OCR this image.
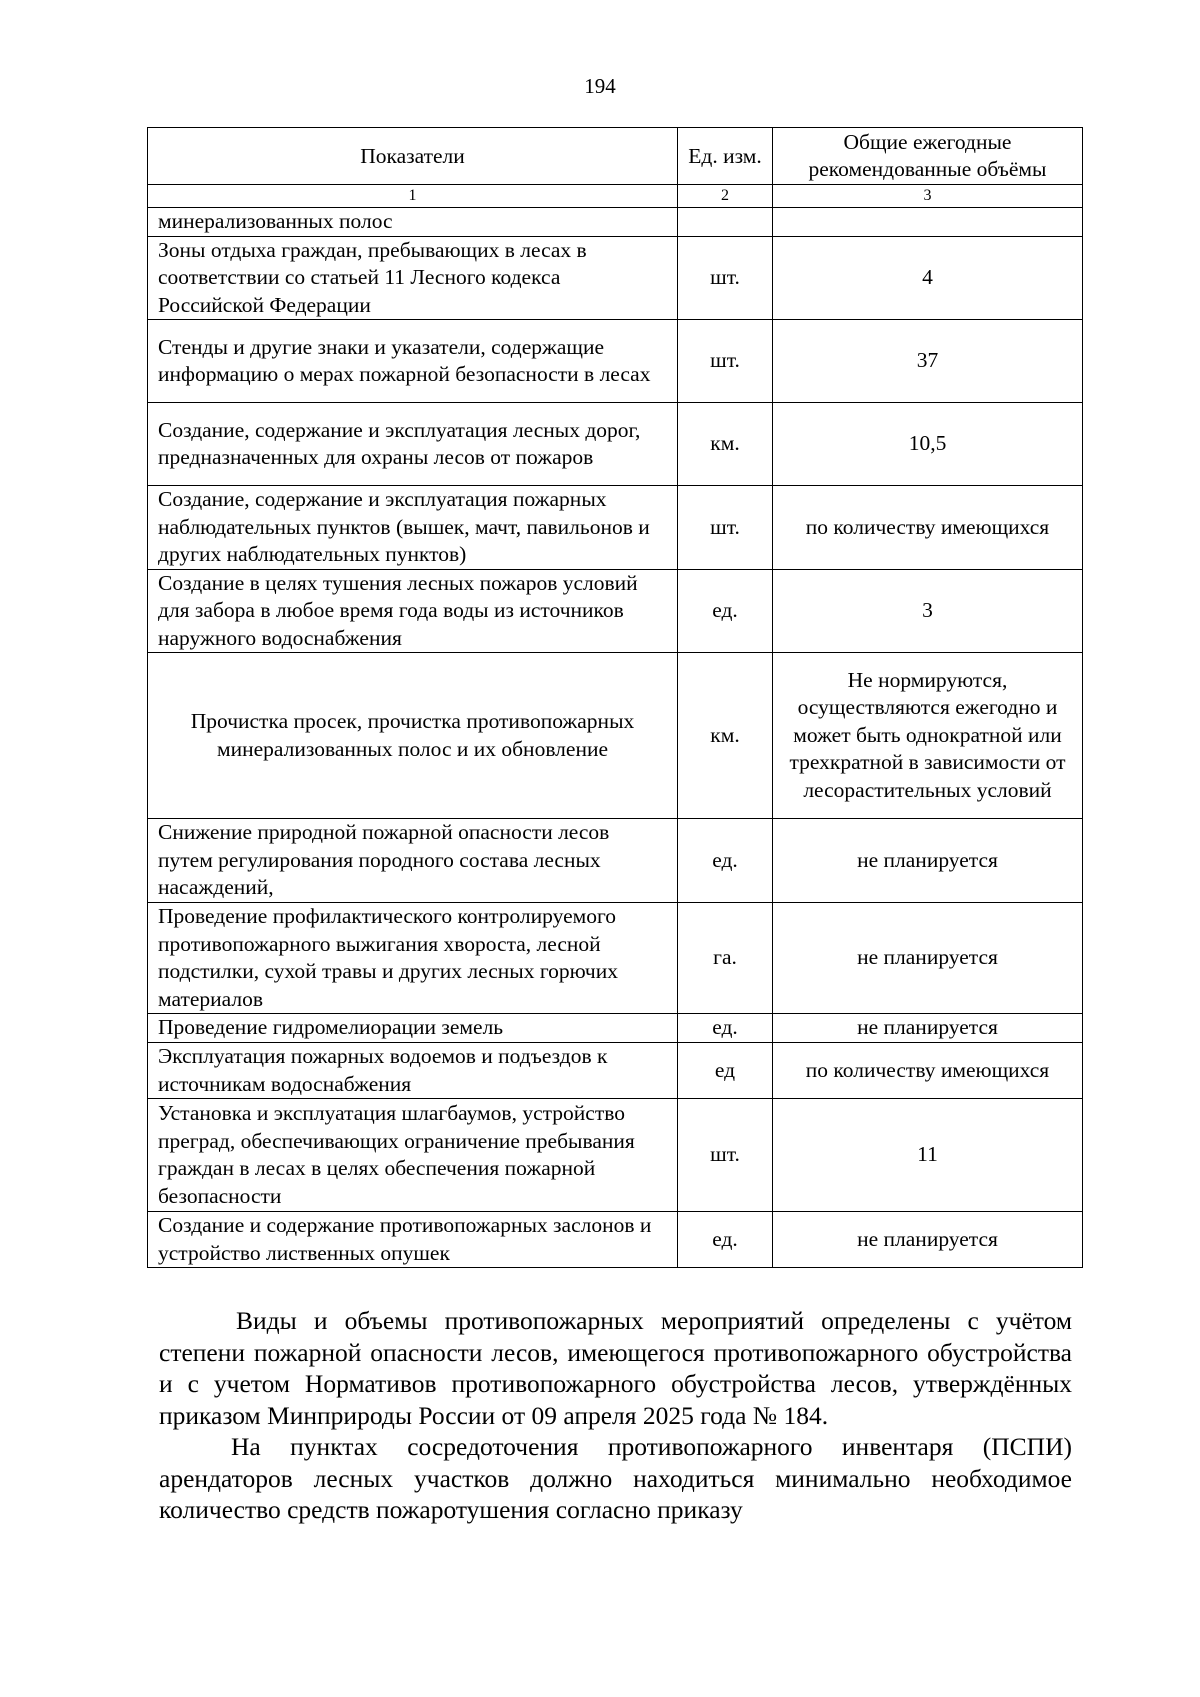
194
Показатели	Ед. изм.	Общие ежегодные рекомендованные объёмы
1	2	3
минерализованных полос		
Зоны отдыха граждан, пребывающих в лесах в соответствии со статьей 11 Лесного кодекса Российской Федерации	шт.	4
Стенды и другие знаки и указатели, содержащие информацию о мерах пожарной безопасности в лесах	шт.	37
Создание, содержание и эксплуатация лесных дорог, предназначенных для охраны лесов от пожаров	км.	10,5
Создание, содержание и эксплуатация пожарных наблюдательных пунктов (вышек, мачт, павильонов и других наблюдательных пунктов)	шт.	по количеству имеющихся
Создание в целях тушения лесных пожаров условий для забора в любое время года воды из источников наружного водоснабжения	ед.	3
Прочистка просек, прочистка противопожарных минерализованных полос и их обновление	км.	Не нормируются, осуществляются ежегодно и может быть однократной или трехкратной в зависимости от лесорастительных условий
Снижение природной пожарной опасности лесов путем регулирования породного состава лесных насаждений,	ед.	не планируется
Проведение профилактического контролируемого противопожарного выжигания хвороста, лесной подстилки, сухой травы и других лесных горючих материалов	га.	не планируется
Проведение гидромелиорации земель	ед.	не планируется
Эксплуатация пожарных водоемов и подъездов к источникам водоснабжения	ед	по количеству имеющихся
Установка и эксплуатация шлагбаумов, устройство преград, обеспечивающих ограничение пребывания граждан в лесах в целях обеспечения пожарной безопасности	шт.	11
Создание и содержание противопожарных заслонов и устройство лиственных опушек	ед.	не планируется

Виды и объемы противопожарных мероприятий определены с учётом степени пожарной опасности лесов, имеющегося противопожарного обустройства и с учетом Нормативов противопожарного обустройства лесов, утверждённых приказом Минприроды России от 09 апреля 2025 года № 184.

На пунктах сосредоточения противопожарного инвентаря (ПСПИ) арендаторов лесных участков должно находиться минимально необходимое количество средств пожаротушения согласно приказу
